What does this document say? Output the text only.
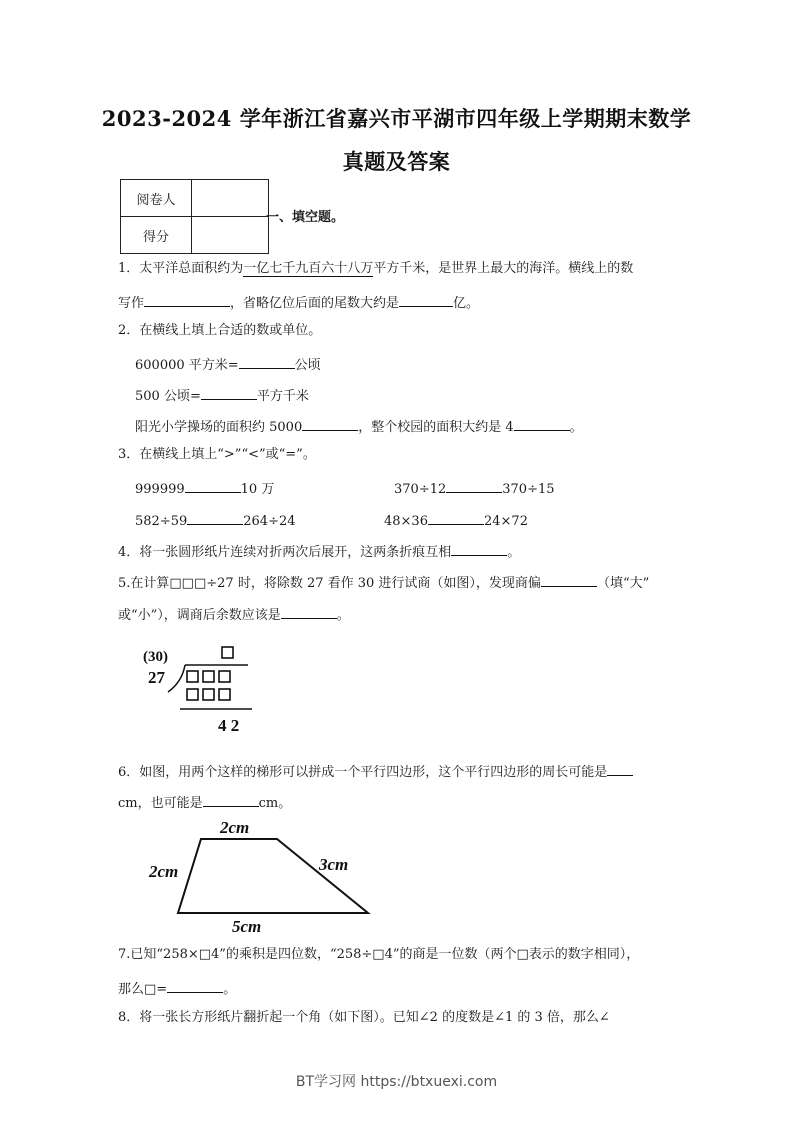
2023-2024 学年浙江省嘉兴市平湖市四年级上学期期末数学
真题及答案
阅卷人	
得分	
一、填空题。
1．太平洋总面积约为一亿七千九百六十八万平方千米，是世界上最大的海洋。横线上的数
写作	，省略亿位后面的尾数大约是	亿。
2．在横线上填上合适的数或单位。
600000 平方米=	公顷
500 公顷=	平方千米
阳光小学操场的面积约 5000	，整个校园的面积大约是 4	。
3．在横线上填上“>”“<”或“=”。
999999	10 万	370÷12	370÷15
582÷59	264÷24	48×36	24×72
4．将一张圆形纸片连续对折两次后展开，这两条折痕互相	。
5.在计算□□□÷27 时，将除数 27 看作 30 进行试商（如图），发现商偏	（填“大”
或“小”），调商后余数应该是	。
(30)
27
4 2
6．如图，用两个这样的梯形可以拼成一个平行四边形，这个平行四边形的周长可能是
cm，也可能是	cm。
2cm
2cm	3cm
5cm
7.已知“258×□4”的乘积是四位数，“258÷□4”的商是一位数（两个□表示的数字相同），
那么□=	。
8．将一张长方形纸片翻折起一个角（如下图）。已知∠2 的度数是∠1 的 3 倍，那么∠
BT学习网 https://btxuexi.com
